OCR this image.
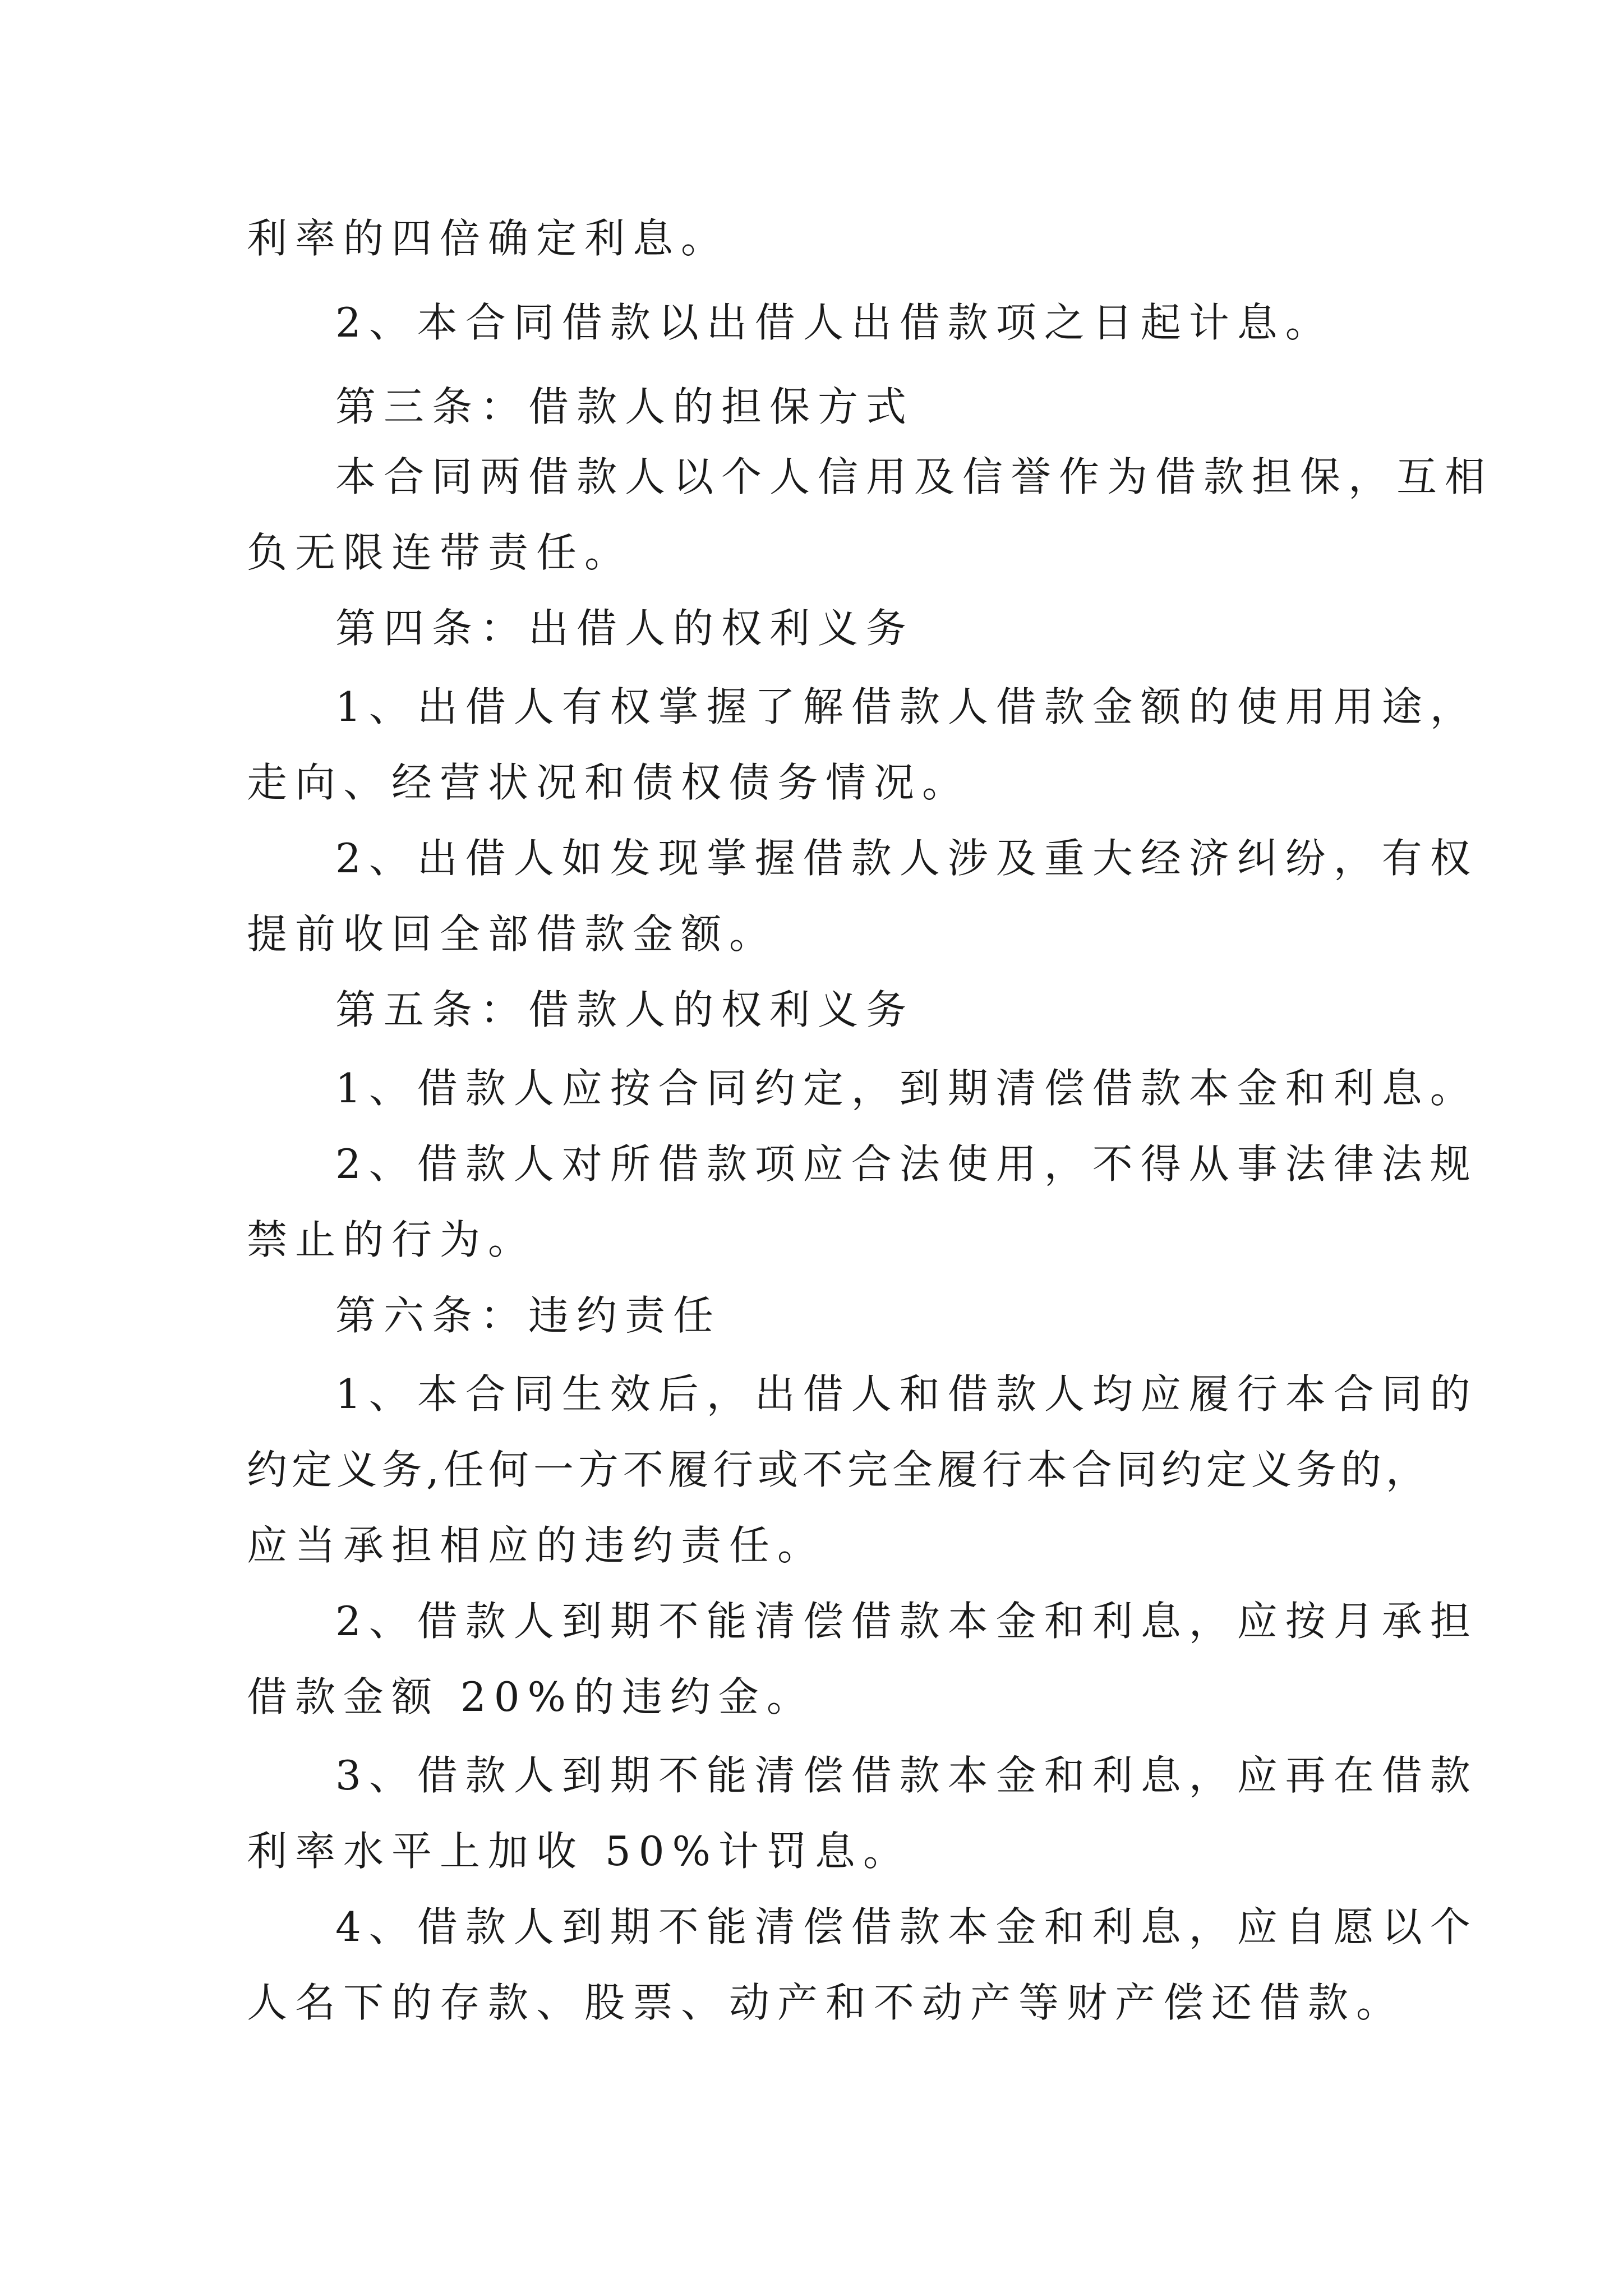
利率的四倍确定利息。
2、本合同借款以出借人出借款项之日起计息。
第三条：借款人的担保方式
本合同两借款人以个人信用及信誉作为借款担保，互相
负无限连带责任。
第四条：出借人的权利义务
1、出借人有权掌握了解借款人借款金额的使用用途，
走向、经营状况和债权债务情况。
2、出借人如发现掌握借款人涉及重大经济纠纷，有权
提前收回全部借款金额。
第五条：借款人的权利义务
1、借款人应按合同约定，到期清偿借款本金和利息。
2、借款人对所借款项应合法使用，不得从事法律法规
禁止的行为。
第六条：违约责任
1、本合同生效后，出借人和借款人均应履行本合同的
约定义务,任何一方不履行或不完全履行本合同约定义务的，
应当承担相应的违约责任。
2、借款人到期不能清偿借款本金和利息，应按月承担
借款金额 20%的违约金。
3、借款人到期不能清偿借款本金和利息，应再在借款
利率水平上加收 50%计罚息。
4、借款人到期不能清偿借款本金和利息，应自愿以个
人名下的存款、股票、动产和不动产等财产偿还借款。
